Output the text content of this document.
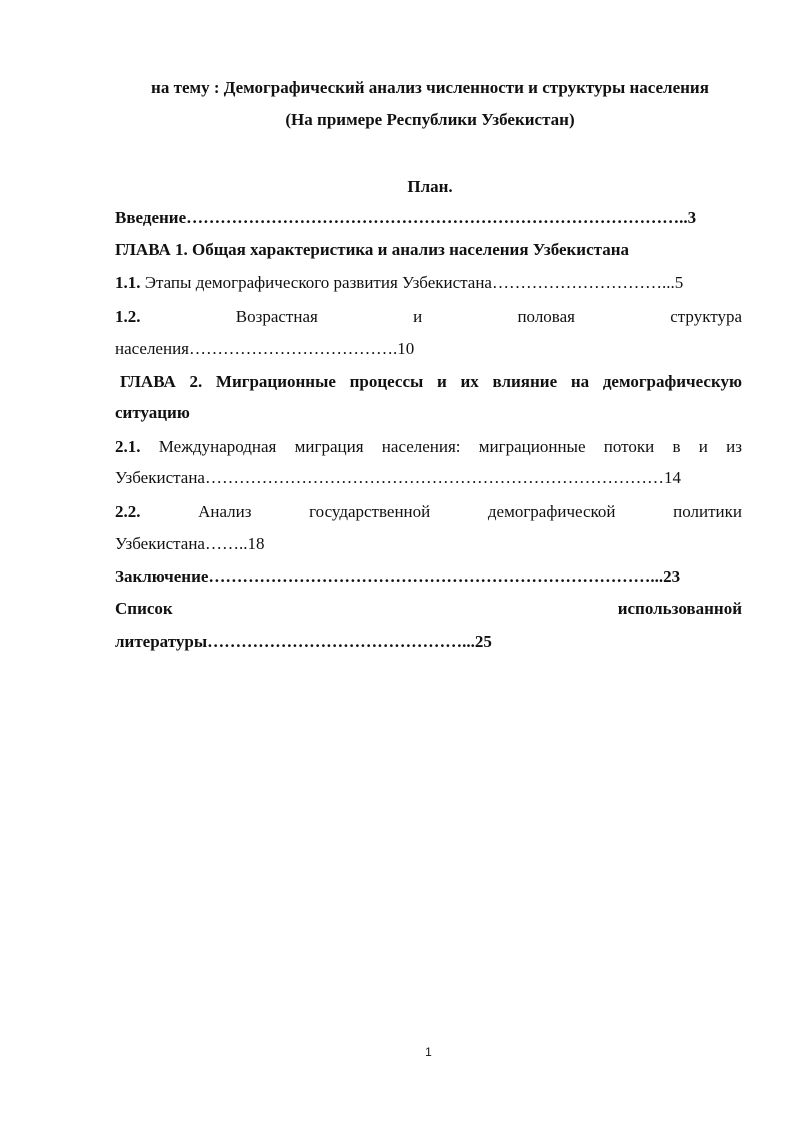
на тему : Демографический анализ численности и структуры населения
(На примере Республики Узбекистан)
План.
Введение……………………………………………………………………………..3
ГЛАВА 1. Общая характеристика и анализ населения Узбекистана
1.1. Этапы демографического развития Узбекистана…………………………...5
1.2.	Возрастная	и	половая	структура
населения……………………………….10
ГЛАВА 2. Миграционные процессы и их влияние на демографическую
ситуацию
2.1. Международная миграция населения: миграционные потоки в и из
Узбекистана………………………………………………………………………14
2.2.	Анализ	государственной	демографической	политики
Узбекистана……..18
Заключение……………………………………………………………………...23
Список	использованной
литературы………………………………………...25
1
